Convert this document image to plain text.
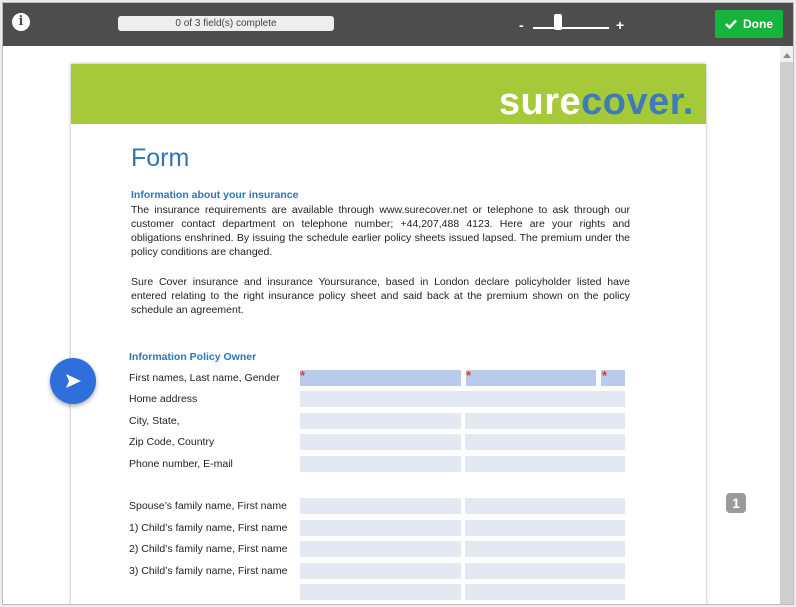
i	0 of 3 field(s) complete	-	+	Done
surecover.
Form
Information about your insurance
The insurance requirements are available through www.surecover.net or telephone to ask through our customer contact department on telephone number; +44,207,488 4123. Here are your rights and obligations enshrined. By issuing the schedule earlier policy sheets issued lapsed. The premium under the policy conditions are changed.
Sure Cover insurance and insurance Yoursurance, based in London declare policyholder listed have entered relating to the right insurance policy sheet and said back at the premium shown on the policy schedule an agreement.
Information Policy Owner
First names, Last name, Gender *	*	*
Home address
City, State,
Zip Code, Country
Phone number, E-mail
Spouse’s family name, First name
1) Child’s family name, First name
2) Child’s family name, First name
3) Child’s family name, First name
1
